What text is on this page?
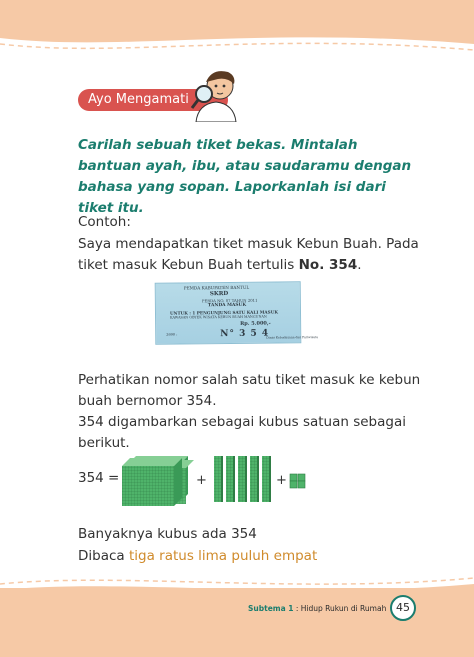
Ayo Mengamati
Carilah sebuah tiket bekas. Mintalah bantuan ayah, ibu, atau saudaramu dengan bahasa yang sopan. Laporkanlah isi dari tiket itu.
Contoh:
Saya mendapatkan tiket masuk Kebun Buah. Pada tiket masuk Kebun Buah tertulis No. 354.
PEMDA KABUPATEN BANTUL
SKRD
PERDA NO. 07 TAHUN 2011
TANDA MASUK
UNTUK : 1 PENGUNJUNG SATU KALI MASUK
KAWASAN OBYEK WISATA KEBUN BUAH MANGUNAN
Rp. 5.000,-
N° 3 5 4
2690 :
Dinas Kebudayaan dan Pariwisata
Perhatikan nomor salah satu tiket masuk ke kebun buah bernomor 354.
354 digambarkan sebagai kubus satuan sebagai berikut.
354 =	+	+
Banyaknya kubus ada 354
Dibaca tiga ratus lima puluh empat
Subtema 1 : Hidup Rukun di Rumah 45
